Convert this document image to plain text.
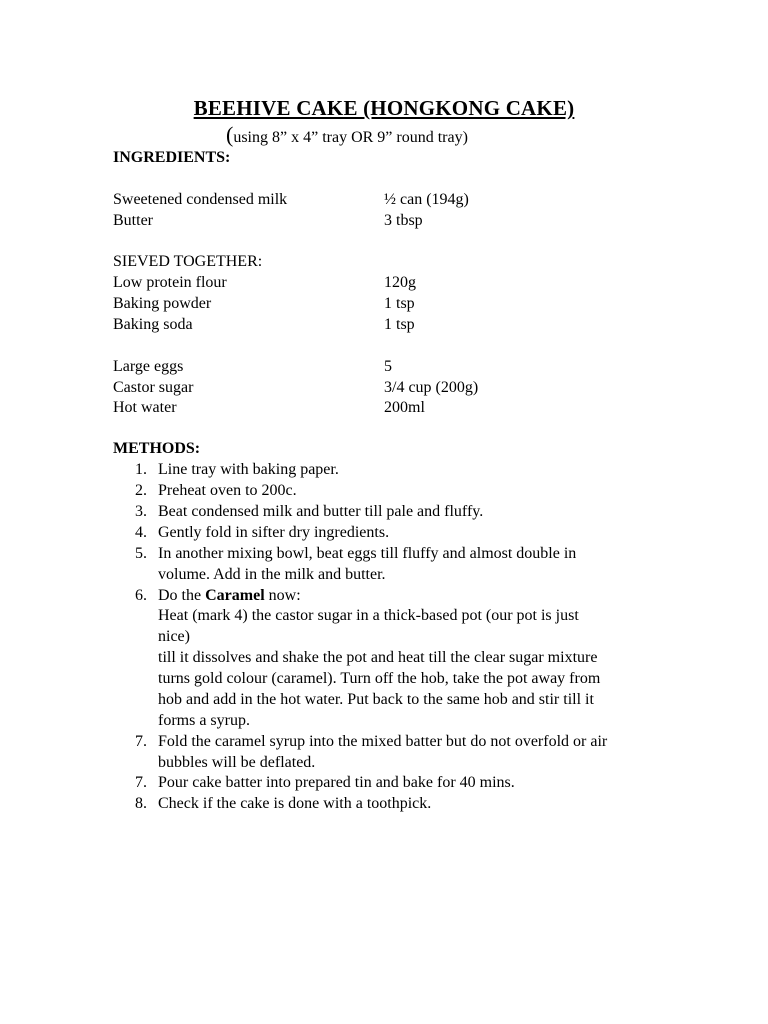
BEEHIVE CAKE (HONGKONG CAKE)
(using 8” x 4” tray OR 9” round tray)
INGREDIENTS:
Sweetened condensed milk	½ can (194g)
Butter	3 tbsp
SIEVED TOGETHER:
Low protein flour	120g
Baking powder	1 tsp
Baking soda	1 tsp
Large eggs	5
Castor sugar	3/4 cup (200g)
Hot water	200ml
METHODS:
1. Line tray with baking paper.
2. Preheat oven to 200c.
3. Beat condensed milk and butter till pale and fluffy.
4. Gently fold in sifter dry ingredients.
5. In another mixing bowl, beat eggs till fluffy and almost double in
volume. Add in the milk and butter.
6. Do the Caramel now:
Heat (mark 4) the castor sugar in a thick-based pot (our pot is just
nice)
till it dissolves and shake the pot and heat till the clear sugar mixture
turns gold colour (caramel). Turn off the hob, take the pot away from
hob and add in the hot water. Put back to the same hob and stir till it
forms a syrup.
7. Fold the caramel syrup into the mixed batter but do not overfold or air
bubbles will be deflated.
7. Pour cake batter into prepared tin and bake for 40 mins.
8. Check if the cake is done with a toothpick.
